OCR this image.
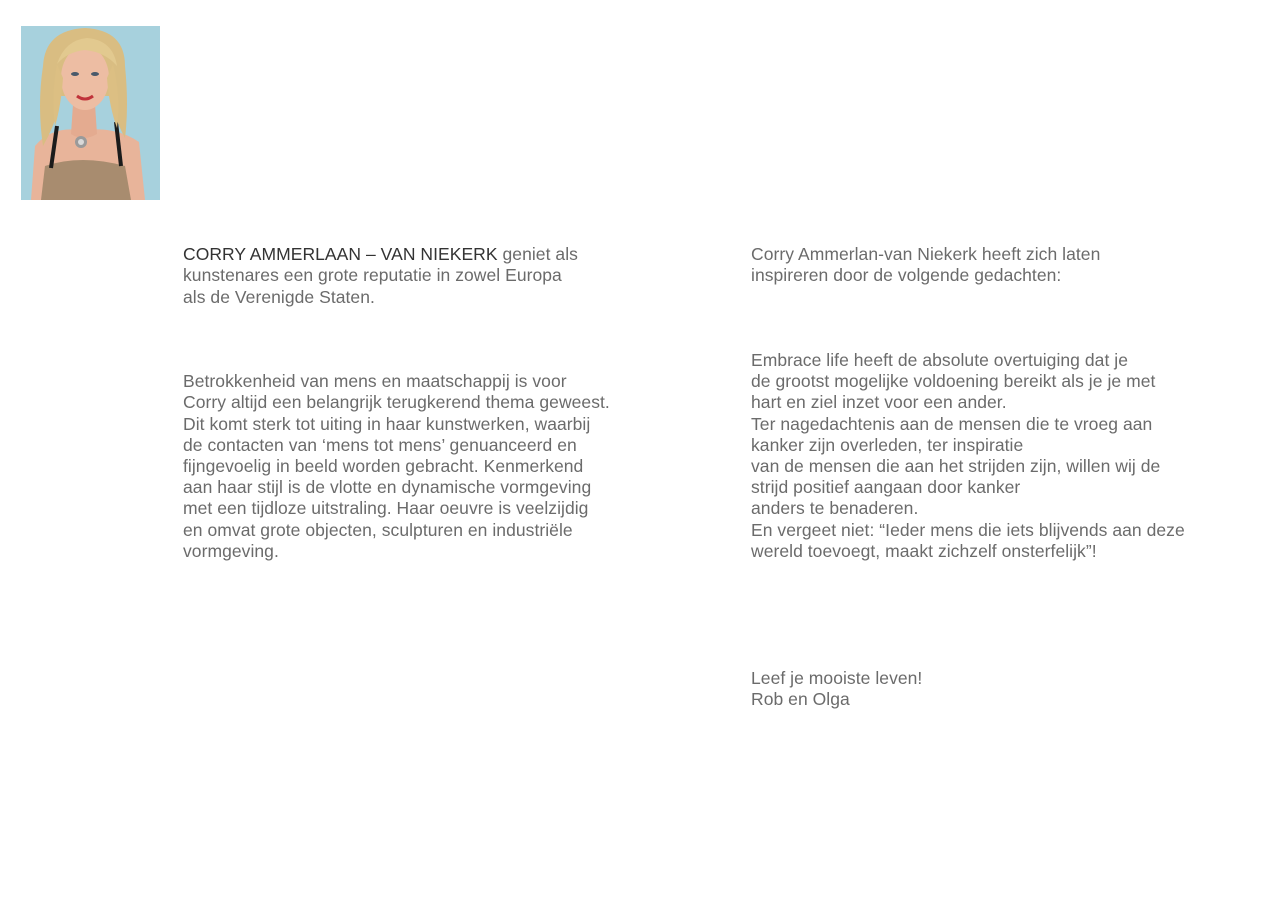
CORRY AMMERLAAN – VAN NIEKERK geniet als
kunstenares een grote reputatie in zowel Europa
als de Verenigde Staten.

Betrokkenheid van mens en maatschappij is voor
Corry altijd een belangrijk terugkerend thema geweest.
Dit komt sterk tot uiting in haar kunstwerken, waarbij
de contacten van ‘mens tot mens’ genuanceerd en
fijngevoelig in beeld worden gebracht. Kenmerkend
aan haar stijl is de vlotte en dynamische vormgeving
met een tijdloze uitstraling. Haar oeuvre is veelzijdig
en omvat grote objecten, sculpturen en industriële
vormgeving.

Corry Ammerlan-van Niekerk heeft zich laten
inspireren door de volgende gedachten:

Embrace life heeft de absolute overtuiging dat je
de grootst mogelijke voldoening bereikt als je je met
hart en ziel inzet voor een ander.
Ter nagedachtenis aan de mensen die te vroeg aan
kanker zijn overleden, ter inspiratie
van de mensen die aan het strijden zijn, willen wij de
strijd positief aangaan door kanker
anders te benaderen.
En vergeet niet: “Ieder mens die iets blijvends aan deze
wereld toevoegt, maakt zichzelf onsterfelijk”!

Leef je mooiste leven!
Rob en Olga
